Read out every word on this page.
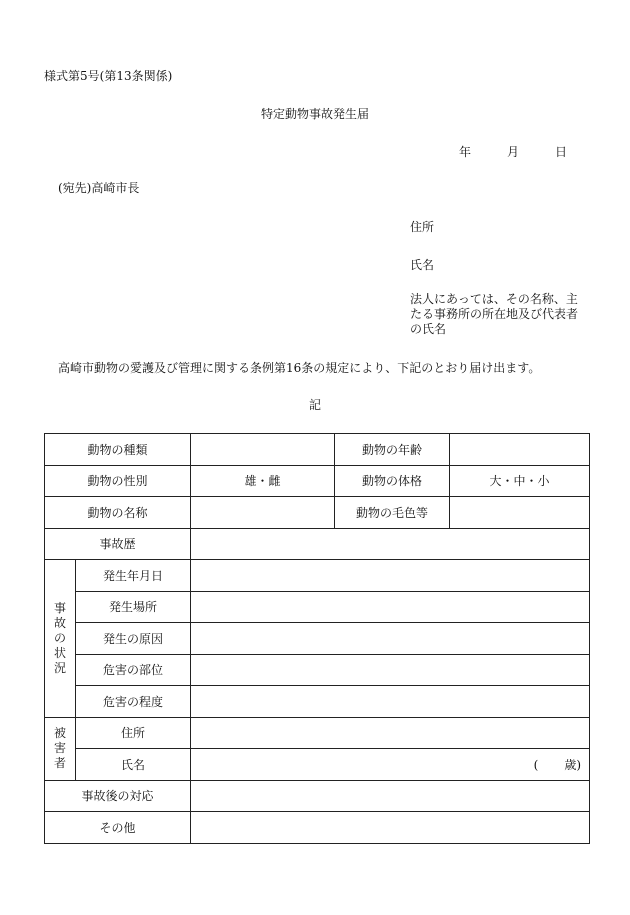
様式第5号(第13条関係)
特定動物事故発生届
年	月	日
(宛先)高崎市長
住所
氏名
法人にあっては、その名称、主たる事務所の所在地及び代表者の氏名
高崎市動物の愛護及び管理に関する条例第16条の規定により、下記のとおり届け出ます。
記
動物の種類			動物の年齢	
動物の性別		雄・雌	動物の体格	大・中・小
動物の名称			動物の毛色等	
事故歴				
事故の状況	発生年月日			
	発生場所			
	発生の原因			
	危害の部位			
	危害の程度			
被害者	住所			
	氏名	( 歳)		
事故後の対応				
その他				
